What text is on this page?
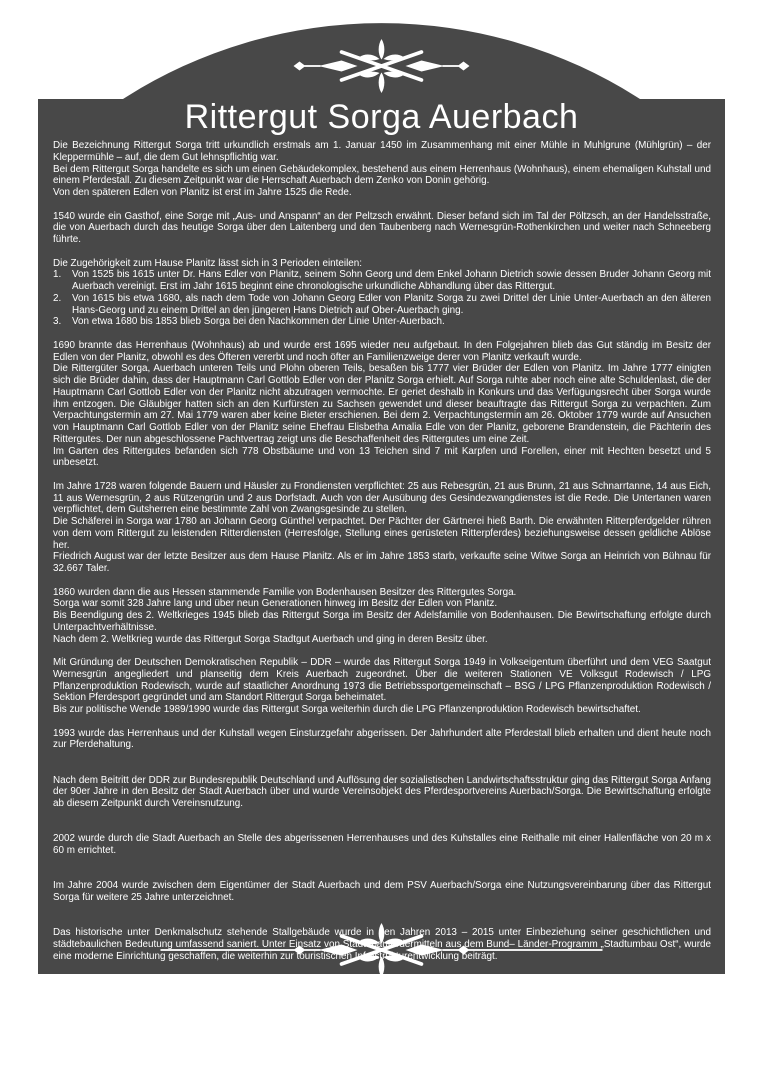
Rittergut Sorga Auerbach
Die Bezeichnung Rittergut Sorga tritt urkundlich erstmals am 1. Januar 1450 im Zusammenhang mit einer Mühle in Muhlgrune (Mühlgrün) – der Kleppermühle – auf, die dem Gut lehnspflichtig war.
Bei dem Rittergut Sorga handelte es sich um einen Gebäudekomplex, bestehend aus einem Herrenhaus (Wohnhaus), einem ehemaligen Kuhstall und einem Pferdestall. Zu diesem Zeitpunkt war die Herrschaft Auerbach dem Zenko von Donin gehörig.
Von den späteren Edlen von Planitz ist erst im Jahre 1525 die Rede.
1540 wurde ein Gasthof, eine Sorge mit „Aus- und Anspann“ an der Peltzsch erwähnt. Dieser befand sich im Tal der Pöltzsch, an der Handelsstraße, die von Auerbach durch das heutige Sorga über den Laitenberg und den Taubenberg nach Wernesgrün-Rothenkirchen und weiter nach Schneeberg führte.
Die Zugehörigkeit zum Hause Planitz lässt sich in 3 Perioden einteilen:
1.	Von 1525 bis 1615 unter Dr. Hans Edler von Planitz, seinem Sohn Georg und dem Enkel Johann Dietrich sowie dessen Bruder Johann Georg mit Auerbach vereinigt. Erst im Jahr 1615 beginnt eine chronologische urkundliche Abhandlung über das Rittergut.
2.	Von 1615 bis etwa 1680, als nach dem Tode von Johann Georg Edler von Planitz Sorga zu zwei Drittel der Linie Unter-Auerbach an den älteren Hans-Georg und zu einem Drittel an den jüngeren Hans Dietrich auf Ober-Auerbach ging.
3.	Von etwa 1680 bis 1853 blieb Sorga bei den Nachkommen der Linie Unter-Auerbach.
1690 brannte das Herrenhaus (Wohnhaus) ab und wurde erst 1695 wieder neu aufgebaut. In den Folgejahren blieb das Gut ständig im Besitz der Edlen von der Planitz, obwohl es des Öfteren vererbt und noch öfter an Familienzweige derer von Planitz verkauft wurde.
Die Rittergüter Sorga, Auerbach unteren Teils und Plohn oberen Teils, besaßen bis 1777 vier Brüder der Edlen von Planitz. Im Jahre 1777 einigten sich die Brüder dahin, dass der Hauptmann Carl Gottlob Edler von der Planitz Sorga erhielt. Auf Sorga ruhte aber noch eine alte Schuldenlast, die der Hauptmann Carl Gottlob Edler von der Planitz nicht abzutragen vermochte. Er geriet deshalb in Konkurs und das Verfügungsrecht über Sorga wurde ihm entzogen. Die Gläubiger hatten sich an den Kurfürsten zu Sachsen gewendet und dieser beauftragte das Rittergut Sorga zu verpachten. Zum Verpachtungstermin am 27. Mai 1779 waren aber keine Bieter erschienen. Bei dem 2. Verpachtungstermin am 26. Oktober 1779 wurde auf Ansuchen von Hauptmann Carl Gottlob Edler von der Planitz seine Ehefrau Elisbetha Amalia Edle von der Planitz, geborene Brandenstein, die Pächterin des Rittergutes. Der nun abgeschlossene Pachtvertrag zeigt uns die Beschaffenheit des Rittergutes um eine Zeit.
Im Garten des Rittergutes befanden sich 778 Obstbäume und von 13 Teichen sind 7 mit Karpfen und Forellen, einer mit Hechten besetzt und 5 unbesetzt.
Im Jahre 1728 waren folgende Bauern und Häusler zu Frondiensten verpflichtet: 25 aus Rebesgrün, 21 aus Brunn, 21 aus Schnarrtanne, 14 aus Eich, 11 aus Wernesgrün, 2 aus Rützengrün und 2 aus Dorfstadt. Auch von der Ausübung des Gesindezwangdienstes ist die Rede. Die Untertanen waren verpflichtet, dem Gutsherren eine bestimmte Zahl von Zwangsgesinde zu stellen.
Die Schäferei in Sorga war 1780 an Johann Georg Günthel verpachtet. Der Pächter der Gärtnerei hieß Barth. Die erwähnten Ritterpferdgelder rühren von dem vom Rittergut zu leistenden Ritterdiensten (Herresfolge, Stellung eines gerüsteten Ritterpferdes) beziehungsweise dessen geldliche Ablöse her.
Friedrich August war der letzte Besitzer aus dem Hause Planitz. Als er im Jahre 1853 starb, verkaufte seine Witwe Sorga an Heinrich von Bühnau für 32.667 Taler.
1860 wurden dann die aus Hessen stammende Familie von Bodenhausen Besitzer des Rittergutes Sorga.
Sorga war somit 328 Jahre lang und über neun Generationen hinweg im Besitz der Edlen von Planitz.
Bis Beendigung des 2. Weltkrieges 1945 blieb das Rittergut Sorga im Besitz der Adelsfamilie von Bodenhausen. Die Bewirtschaftung erfolgte durch Unterpachtverhältnisse.
Nach dem 2. Weltkrieg wurde das Rittergut Sorga Stadtgut Auerbach und ging in deren Besitz über.
Mit Gründung der Deutschen Demokratischen Republik – DDR – wurde das Rittergut Sorga 1949 in Volkseigentum überführt und dem VEG Saatgut Wernesgrün angegliedert und planseitig dem Kreis Auerbach zugeordnet. Über die weiteren Stationen VE Volksgut Rodewisch / LPG Pflanzenproduktion Rodewisch, wurde auf staatlicher Anordnung 1973 die Betriebssportgemeinschaft – BSG / LPG Pflanzenproduktion Rodewisch / Sektion Pferdesport gegründet und am Standort Rittergut Sorga beheimatet.
Bis zur politische Wende 1989/1990 wurde das Rittergut Sorga weiterhin durch die LPG Pflanzenproduktion Rodewisch bewirtschaftet.
1993 wurde das Herrenhaus und der Kuhstall wegen Einsturzgefahr abgerissen. Der Jahrhundert alte Pferdestall blieb erhalten und dient heute noch zur Pferdehaltung.
Nach dem Beitritt der DDR zur Bundesrepublik Deutschland und Auflösung der sozialistischen Landwirtschaftsstruktur ging das Rittergut Sorga Anfang der 90er Jahre in den Besitz der Stadt Auerbach über und wurde Vereinsobjekt des Pferdesportvereins Auerbach/Sorga. Die Bewirtschaftung erfolgte ab diesem Zeitpunkt durch Vereinsnutzung.
2002 wurde durch die Stadt Auerbach an Stelle des abgerissenen Herrenhauses und des Kuhstalles eine Reithalle mit einer Hallenfläche von 20 m x 60 m errichtet.
Im Jahre 2004 wurde zwischen dem Eigentümer der Stadt Auerbach und dem PSV Auerbach/Sorga eine Nutzungsvereinbarung über das Rittergut Sorga für weitere 25 Jahre unterzeichnet.
Das historische unter Denkmalschutz stehende Stallgebäude wurde in den Jahren 2013 – 2015 unter Einbeziehung seiner geschichtlichen und städtebaulichen Bedeutung umfassend saniert. Unter Einsatz von Städtebaufördermitteln aus dem Bund– Länder-Programm „Stadtumbau Ost“, wurde eine moderne Einrichtung geschaffen, die weiterhin zur touristischen Infrastrukturentwicklung beiträgt.
